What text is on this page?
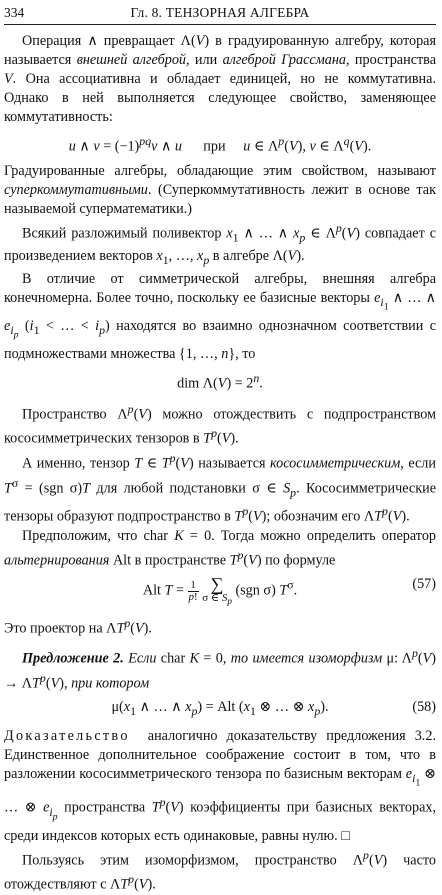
334	Гл. 8. ТЕНЗОРНАЯ АЛГЕБРА

Операция ∧ превращает Λ(V) в градуированную алгебру, которая называется внешней алгеброй, или алгеброй Грассмана, пространства V. Она ассоциативна и обладает единицей, но не коммутативна. Однако в ней выполняется следующее свойство, заменяющее коммутативность:

u ∧ $v = (-1)^{pq}v$ ∧ u      при     u ∈ $\Lambda^p(V)$, v ∈ $\Lambda^q(V)$.

Градуированные алгебры, обладающие этим свойством, называют суперкоммутативными. (Суперкоммутативность лежит в основе так называемой суперматематики.)

Всякий разложимый поливектор $x_1$ ∧ … ∧ $x_p$ ∈ $\Lambda^p(V)$ совпадает с произведением векторов $x_1$, …, $x_p$ в алгебре Λ(V).

В отличие от симметрической алгебры, внешняя алгебра конечномерна. Более точно, поскольку ее базисные векторы $e_{i_1}$ ∧ … ∧ $e_{i_p}$ ($i_1$ < … < $i_p$) находятся во взаимно однозначном соответствии с подмножествами множества {1, …, n}, то

dim $\Lambda(V) = 2^n$.

Пространство $\Lambda^p(V)$ можно отождествить с подпространством кососимметрических тензоров в $T^p(V)$.

А именно, тензор T ∈ $T^p(V)$ называется кососимметрическим, если $T^\sigma = (sgn$ σ)T для любой подстановки σ ∈ $S_p$. Кососимметрические тензоры образуют подпространство в $T^p(V)$; обозначим его $\Lambda T^p(V)$.

Предположим, что char K = 0. Тогда можно определить оператор альтернирования Alt в пространстве $T^p(V)$ по формуле

Alt $T = \frac{1}{p!}$
∑
σ ∈ $S_p$ (sgn σ) $T^\sigma$.	(57)

Это проектор на $\Lambda T^p(V)$.

Предложение 2. Если char K = 0, то имеется изоморфизм μ: $\Lambda^p(V) \to \Lambda T^p(V)$, при котором

$\mu(x_1$ ∧ … ∧ $x_p$) = Alt ($x_1$ ⊗ … ⊗ $x_p$).	(58)

Доказательство  аналогично доказательству предложения 3.2. Единственное дополнительное соображение состоит в том, что в разложении кососимметрического тензора по базисным векторам $e_{i_1}$ ⊗ … ⊗ $e_{i_p}$ пространства $T^p(V)$ коэффициенты при базисных векторах, среди индексов которых есть одинаковые, равны нулю. □

Пользуясь этим изоморфизмом, пространство $\Lambda^p(V)$ часто отождествляют с $\Lambda T^p(V)$.
